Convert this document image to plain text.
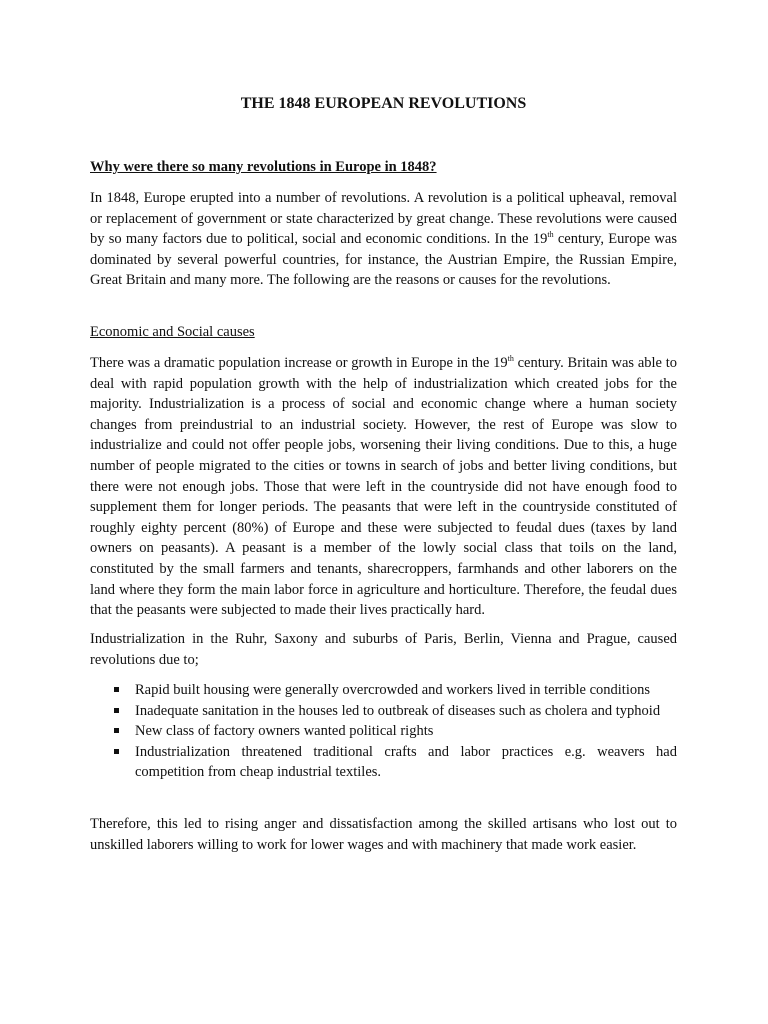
THE 1848 EUROPEAN REVOLUTIONS

Why were there so many revolutions in Europe in 1848?

In 1848, Europe erupted into a number of revolutions. A revolution is a political upheaval, removal or replacement of government or state characterized by great change. These revolutions were caused by so many factors due to political, social and economic conditions. In the 19th century, Europe was dominated by several powerful countries, for instance, the Austrian Empire, the Russian Empire, Great Britain and many more. The following are the reasons or causes for the revolutions.

Economic and Social causes

There was a dramatic population increase or growth in Europe in the 19th century. Britain was able to deal with rapid population growth with the help of industrialization which created jobs for the majority. Industrialization is a process of social and economic change where a human society changes from preindustrial to an industrial society. However, the rest of Europe was slow to industrialize and could not offer people jobs, worsening their living conditions. Due to this, a huge number of people migrated to the cities or towns in search of jobs and better living conditions, but there were not enough jobs. Those that were left in the countryside did not have enough food to supplement them for longer periods. The peasants that were left in the countryside constituted of roughly eighty percent (80%) of Europe and these were subjected to feudal dues (taxes by land owners on peasants). A peasant is a member of the lowly social class that toils on the land, constituted by the small farmers and tenants, sharecroppers, farmhands and other laborers on the land where they form the main labor force in agriculture and horticulture. Therefore, the feudal dues that the peasants were subjected to made their lives practically hard.

Industrialization in the Ruhr, Saxony and suburbs of Paris, Berlin, Vienna and Prague, caused revolutions due to;

Rapid built housing were generally overcrowded and workers lived in terrible conditions
Inadequate sanitation in the houses led to outbreak of diseases such as cholera and typhoid
New class of factory owners wanted political rights
Industrialization threatened traditional crafts and labor practices e.g. weavers had competition from cheap industrial textiles.

Therefore, this led to rising anger and dissatisfaction among the skilled artisans who lost out to unskilled laborers willing to work for lower wages and with machinery that made work easier.
